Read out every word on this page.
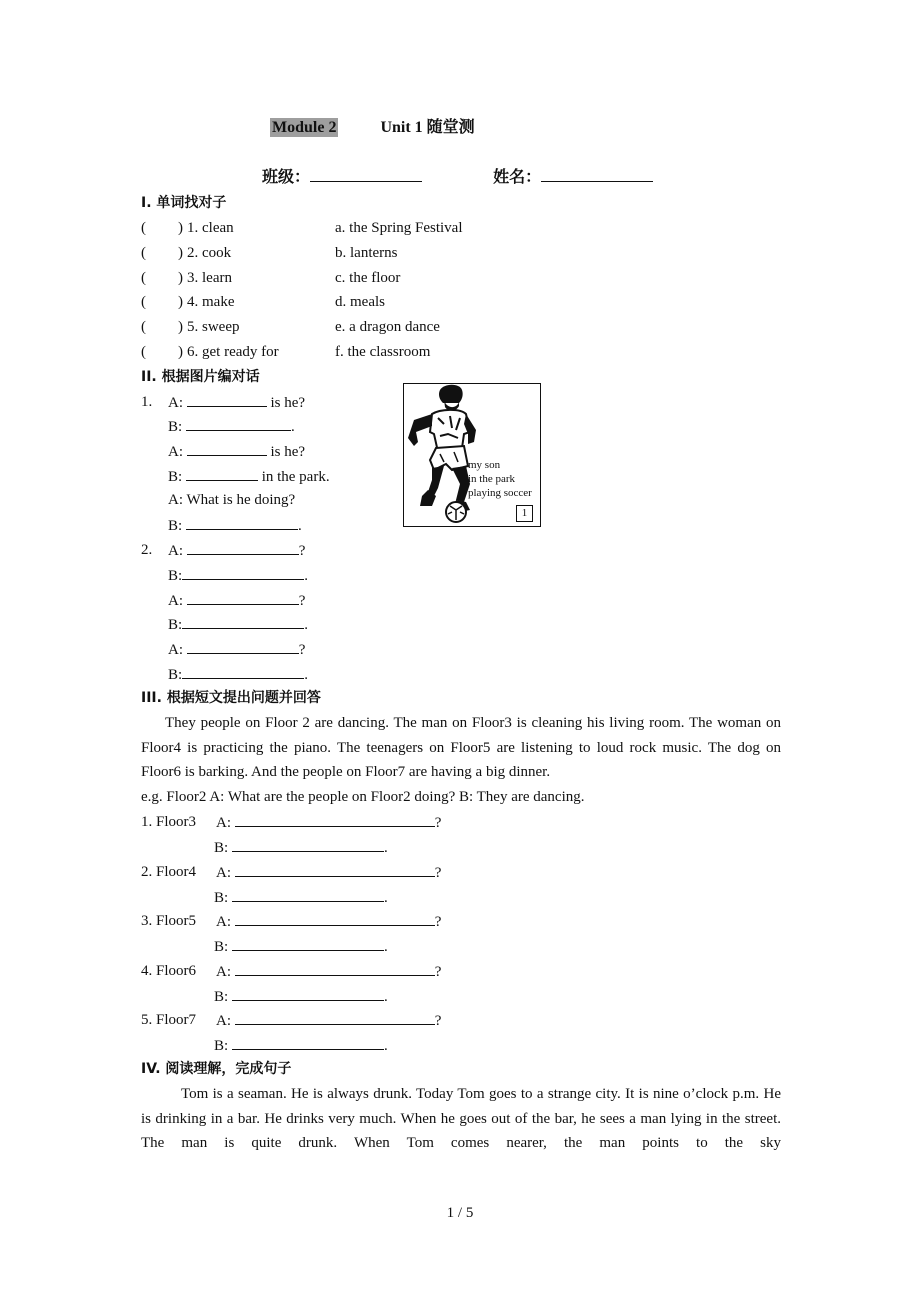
Module 2	Unit 1 随堂测
班级：	姓名：
I. 单词找对子
( ) 1. clean	a. the Spring Festival
( ) 2. cook	b. lanterns
( ) 3. learn	c. the floor
( ) 4. make	d. meals
( ) 5. sweep	e. a dragon dance
( ) 6. get ready for	f. the classroom
II. 根据图片编对话
1. A:	is he?
B:	.
A:	is he?
B:	in the park.
A: What is he doing?
B:	.
2. A:	?
B:	.
A:	?
B:	.
A:	?
B:	.
my son
in the park
playing soccer
1
III. 根据短文提出问题并回答
They people on Floor 2 are dancing. The man on Floor3 is cleaning his living room. The woman on Floor4 is practicing the piano. The teenagers on Floor5 are listening to loud rock music. The dog on Floor6 is barking. And the people on Floor7 are having a big dinner.
e.g. Floor2 A: What are the people on Floor2 doing? B: They are dancing.
1. Floor3 A:	?
B:	.
2. Floor4 A:	?
B:	.
3. Floor5 A:	?
B:	.
4. Floor6 A:	?
B:	.
5. Floor7 A:	?
B:	.
IV. 阅读理解，完成句子
Tom is a seaman. He is always drunk. Today Tom goes to a strange city. It is nine o’clock p.m. He is drinking in a bar. He drinks very much. When he goes out of the bar, he sees a man lying in the street. The man is quite drunk. When Tom comes nearer, the man points to the sky
1 / 5
